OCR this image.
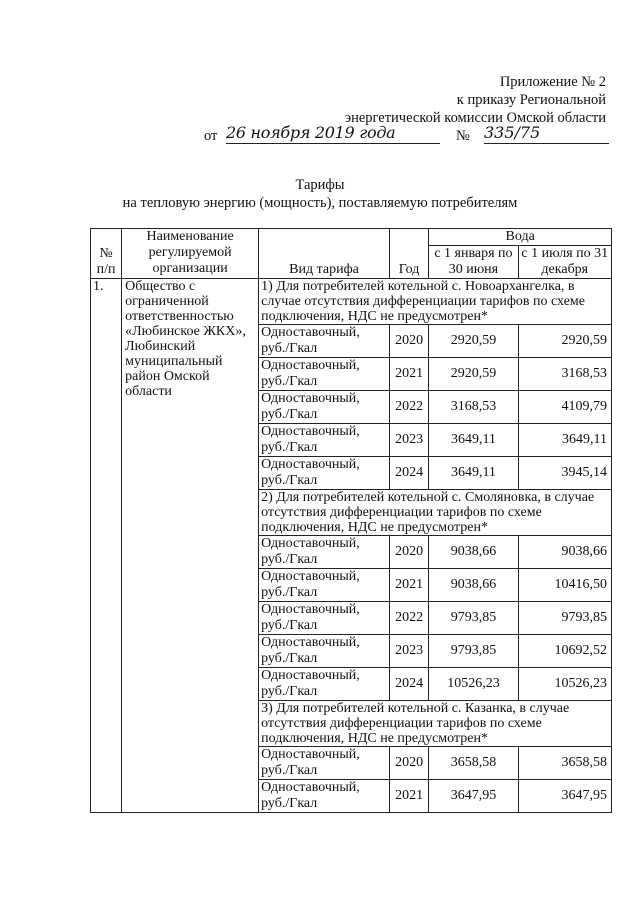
Приложение № 2
к приказу Региональной
энергетической комиссии Омской области
от 26 ноября 2019 года	№ 335/75
Тарифы
на тепловую энергию (мощность), поставляемую потребителям
№ п/п	Наименование регулируемой организации	Вид тарифа	Год	Вода	
				с 1 января по 30 июня	с 1 июля по 31 декабря
1.	Общество с ограниченной ответственностью «Любинское ЖКХ», Любинский муниципальный район Омской области	1) Для потребителей котельной с. Новоархангелка, в случае отсутствия дифференциации тарифов по схеме подключения, НДС не предусмотрен*			
		Одноставочный, руб./Гкал	2020	2920,59	2920,59
		Одноставочный, руб./Гкал	2021	2920,59	3168,53
		Одноставочный, руб./Гкал	2022	3168,53	4109,79
		Одноставочный, руб./Гкал	2023	3649,11	3649,11
		Одноставочный, руб./Гкал	2024	3649,11	3945,14
		2) Для потребителей котельной с. Смоляновка, в случае отсутствия дифференциации тарифов по схеме подключения, НДС не предусмотрен*			
		Одноставочный, руб./Гкал	2020	9038,66	9038,66
		Одноставочный, руб./Гкал	2021	9038,66	10416,50
		Одноставочный, руб./Гкал	2022	9793,85	9793,85
		Одноставочный, руб./Гкал	2023	9793,85	10692,52
		Одноставочный, руб./Гкал	2024	10526,23	10526,23
		3) Для потребителей котельной с. Казанка, в случае отсутствия дифференциации тарифов по схеме подключения, НДС не предусмотрен*			
		Одноставочный, руб./Гкал	2020	3658,58	3658,58
		Одноставочный, руб./Гкал	2021	3647,95	3647,95
